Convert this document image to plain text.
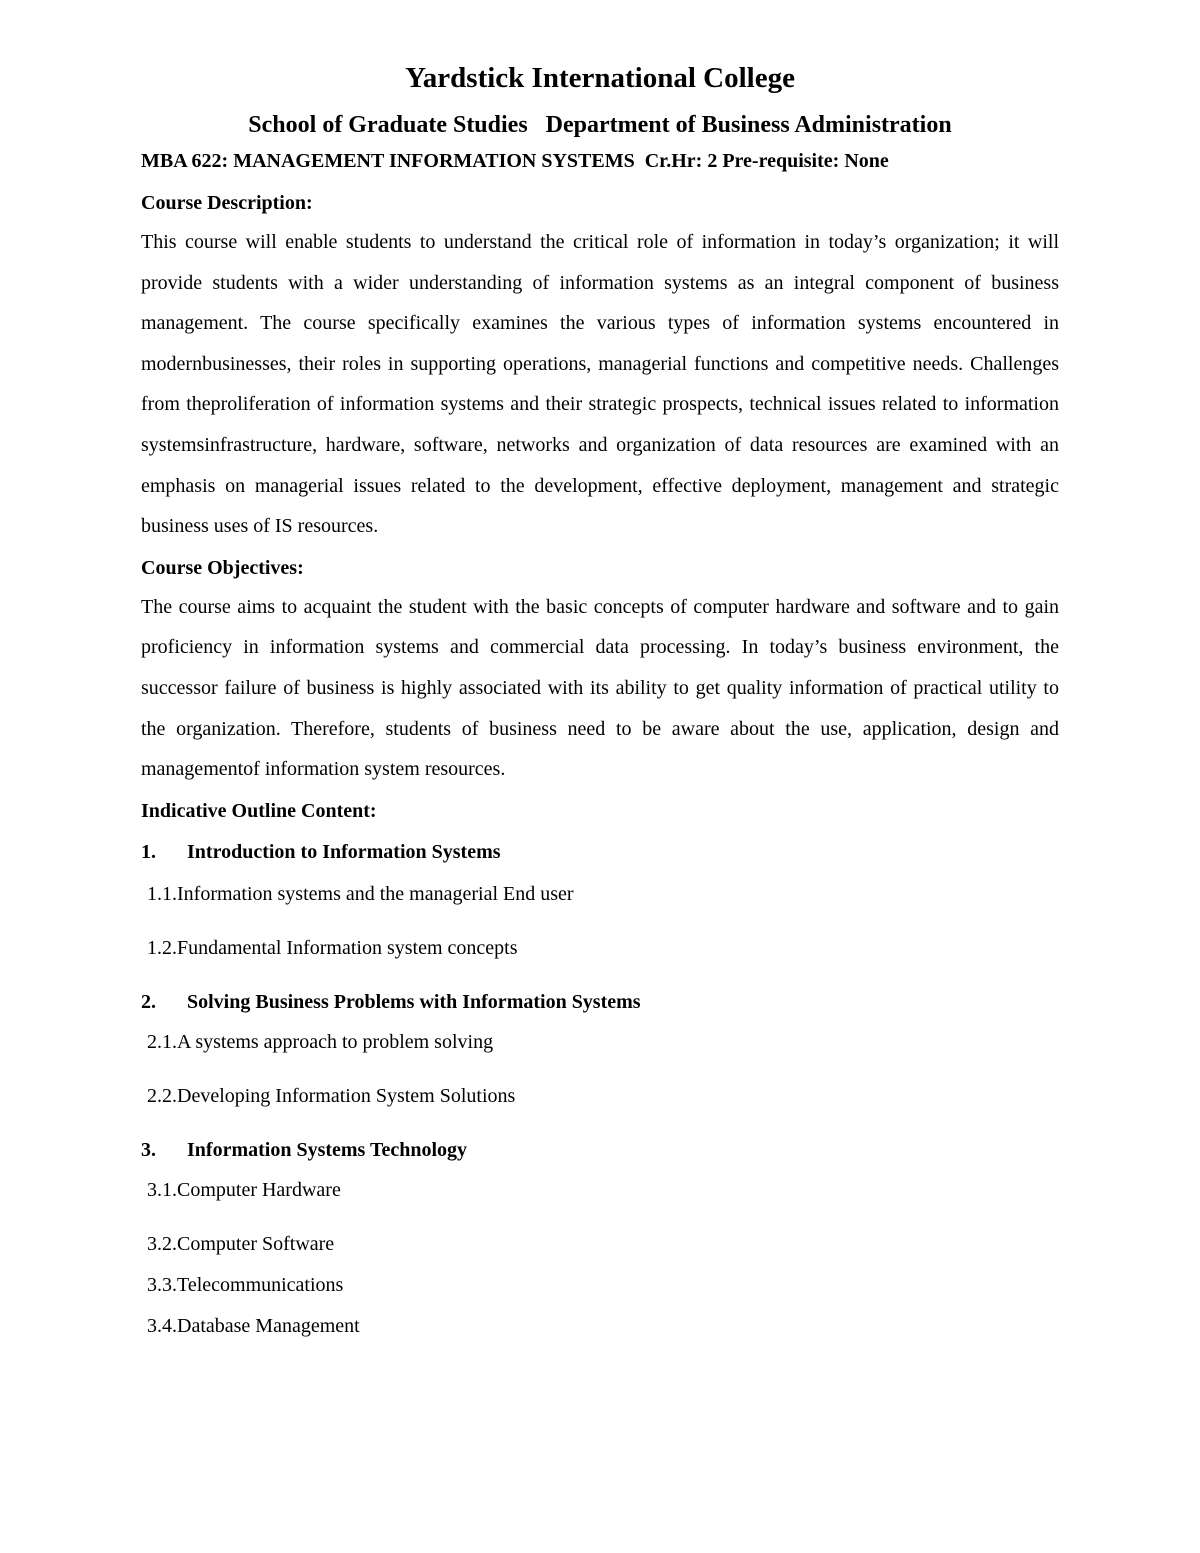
Yardstick International College
School of Graduate Studies Department of Business Administration
MBA 622: MANAGEMENT INFORMATION SYSTEMS
Cr.Hr: 2
Pre-requisite: None

Course Description:

This course will enable students to understand the critical role of information in today’s organization; it will provide students with a wider understanding of information systems as an integral component of business management. The course specifically examines the various types of information systems encountered in modernbusinesses, their roles in supporting operations, managerial functions and competitive needs. Challenges from theproliferation of information systems and their strategic prospects, technical issues related to information systemsinfrastructure, hardware, software, networks and organization of data resources are examined with an emphasis on managerial issues related to the development, effective deployment, management and strategic business uses of IS resources.

Course Objectives:

The course aims to acquaint the student with the basic concepts of computer hardware and software and to gain proficiency in information systems and commercial data processing. In today’s business environment, the successor failure of business is highly associated with its ability to get quality information of practical utility to the organization. Therefore, students of business need to be aware about the use, application, design and managementof information system resources.

Indicative Outline Content:

1.	Introduction to Information Systems

1.1.Information systems and the managerial End user

1.2.Fundamental Information system concepts

2.	Solving Business Problems with Information Systems

2.1.A systems approach to problem solving

2.2.Developing Information System Solutions

3.	Information Systems Technology

3.1.Computer Hardware

3.2.Computer Software

3.3.Telecommunications

3.4.Database Management
